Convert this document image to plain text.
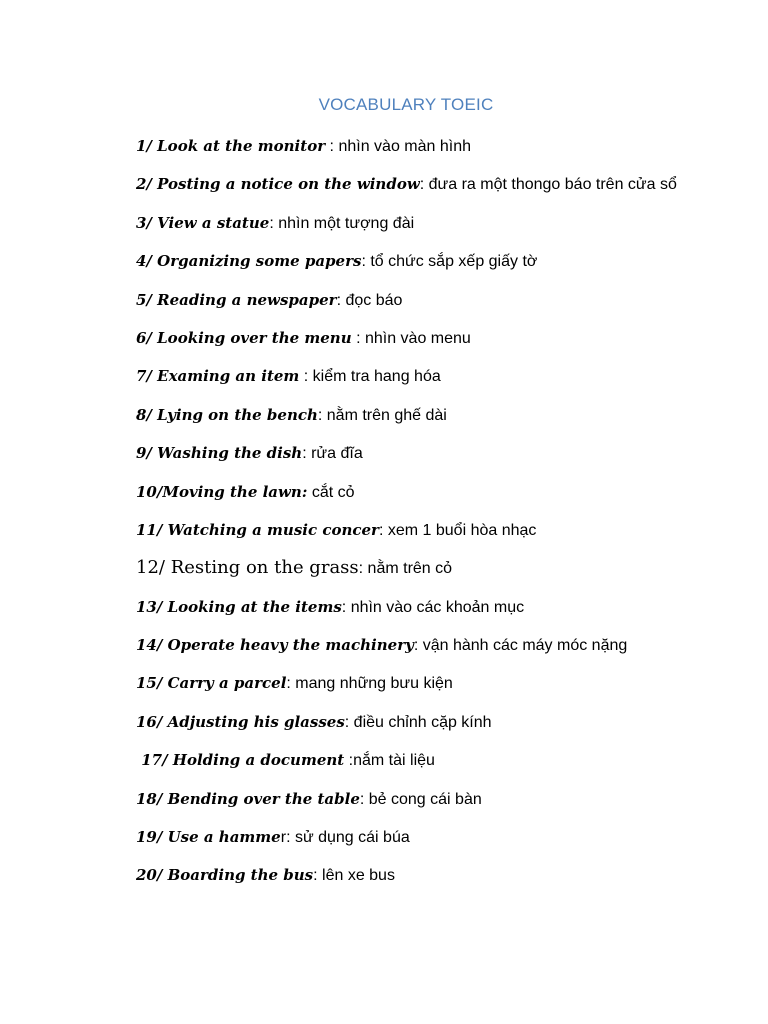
VOCABULARY TOEIC
1/ Look at the monitor : nhìn vào màn hình
2/ Posting a notice on the window: đưa ra một thongo báo trên cửa sổ
3/ View a statue: nhìn một tượng đài
4/ Organizing some papers: tổ chức sắp xếp giấy tờ
5/ Reading a newspaper: đọc báo
6/ Looking over the menu : nhìn vào menu
7/ Examing an item : kiểm tra hang hóa
8/ Lying on the bench: nằm trên ghế dài
9/ Washing the dish: rửa đĩa
10/Moving the lawn: cắt cỏ
11/ Watching a music concer: xem 1 buổi hòa nhạc
12/ Resting on the grass: nằm trên cỏ
13/ Looking at the items: nhìn vào các khoản mục
14/ Operate heavy the machinery: vận hành các máy móc nặng
15/ Carry a parcel: mang những bưu kiện
16/ Adjusting his glasses: điều chỉnh cặp kính
17/ Holding a document :nắm tài liệu
18/ Bending over the table: bẻ cong cái bàn
19/ Use a hammer: sử dụng cái búa
20/ Boarding the bus: lên xe bus
